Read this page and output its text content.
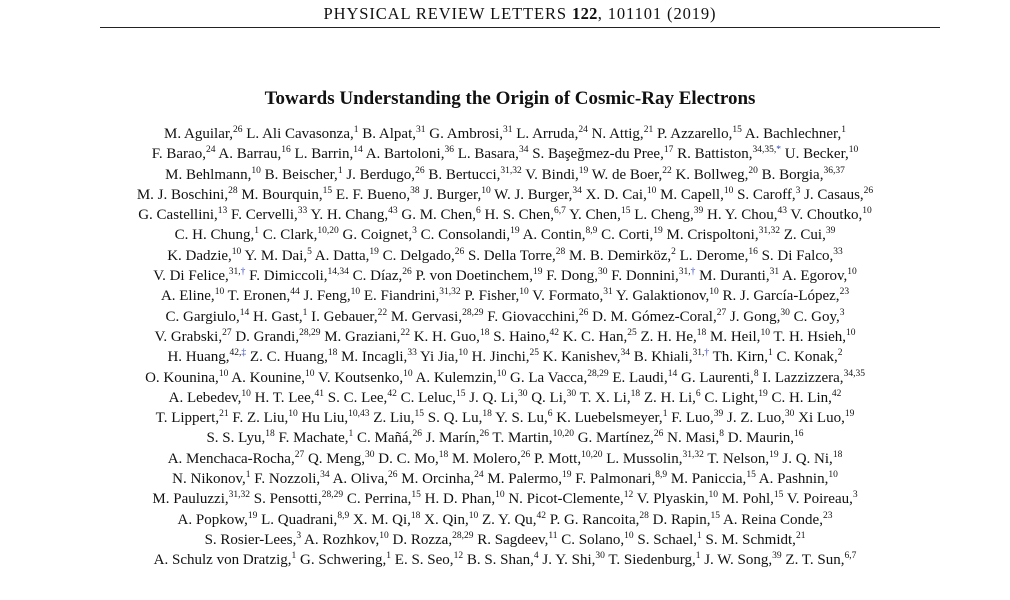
PHYSICAL REVIEW LETTERS 122, 101101 (2019)
Towards Understanding the Origin of Cosmic-Ray Electrons
M. Aguilar,$^{26}$ L. Ali Cavasonza,$^1$ B. Alpat,$^{31}$ G. Ambrosi,$^{31}$ L. Arruda,$^{24}$ N. Attig,$^{21}$ P. Azzarello,$^{15}$ A. Bachlechner,$^1$
F. Barao,$^{24}$ A. Barrau,$^{16}$ L. Barrin,$^{14}$ A. Bartoloni,$^{36}$ L. Basara,$^{34}$ S. Başeğmez-du Pree,$^{17}$ R. Battiston,$^{34,35,*}$ U. Becker,$^{10}$
M. Behlmann,$^{10}$ B. Beischer,$^1$ J. Berdugo,$^{26}$ B. Bertucci,$^{31,32}$ V. Bindi,$^{19}$ W. de Boer,$^{22}$ K. Bollweg,$^{20}$ B. Borgia,$^{36,37}$
M. J. Boschini,$^{28}$ M. Bourquin,$^{15}$ E. F. Bueno,$^{38}$ J. Burger,$^{10}$ W. J. Burger,$^{34}$ X. D. Cai,$^{10}$ M. Capell,$^{10}$ S. Caroff,$^3$ J. Casaus,$^{26}$
G. Castellini,$^{13}$ F. Cervelli,$^{33}$ Y. H. Chang,$^{43}$ G. M. Chen,$^6$ H. S. Chen,$^{6,7}$ Y. Chen,$^{15}$ L. Cheng,$^{39}$ H. Y. Chou,$^{43}$ V. Choutko,$^{10}$
C. H. Chung,$^1$ C. Clark,$^{10,20}$ G. Coignet,$^3$ C. Consolandi,$^{19}$ A. Contin,$^{8,9}$ C. Corti,$^{19}$ M. Crispoltoni,$^{31,32}$ Z. Cui,$^{39}$
K. Dadzie,$^{10}$ Y. M. Dai,$^5$ A. Datta,$^{19}$ C. Delgado,$^{26}$ S. Della Torre,$^{28}$ M. B. Demirköz,$^2$ L. Derome,$^{16}$ S. Di Falco,$^{33}$
V. Di Felice,$^{31,\dagger}$ F. Dimiccoli,$^{14,34}$ C. Díaz,$^{26}$ P. von Doetinchem,$^{19}$ F. Dong,$^{30}$ F. Donnini,$^{31,\dagger}$ M. Duranti,$^{31}$ A. Egorov,$^{10}$
A. Eline,$^{10}$ T. Eronen,$^{44}$ J. Feng,$^{10}$ E. Fiandrini,$^{31,32}$ P. Fisher,$^{10}$ V. Formato,$^{31}$ Y. Galaktionov,$^{10}$ R. J. García-López,$^{23}$
C. Gargiulo,$^{14}$ H. Gast,$^1$ I. Gebauer,$^{22}$ M. Gervasi,$^{28,29}$ F. Giovacchini,$^{26}$ D. M. Gómez-Coral,$^{27}$ J. Gong,$^{30}$ C. Goy,$^3$
V. Grabski,$^{27}$ D. Grandi,$^{28,29}$ M. Graziani,$^{22}$ K. H. Guo,$^{18}$ S. Haino,$^{42}$ K. C. Han,$^{25}$ Z. H. He,$^{18}$ M. Heil,$^{10}$ T. H. Hsieh,$^{10}$
H. Huang,$^{42,\ddagger}$ Z. C. Huang,$^{18}$ M. Incagli,$^{33}$ Yi Jia,$^{10}$ H. Jinchi,$^{25}$ K. Kanishev,$^{34}$ B. Khiali,$^{31,\dagger}$ Th. Kirn,$^1$ C. Konak,$^2$
O. Kounina,$^{10}$ A. Kounine,$^{10}$ V. Koutsenko,$^{10}$ A. Kulemzin,$^{10}$ G. La Vacca,$^{28,29}$ E. Laudi,$^{14}$ G. Laurenti,$^8$ I. Lazzizzera,$^{34,35}$
A. Lebedev,$^{10}$ H. T. Lee,$^{41}$ S. C. Lee,$^{42}$ C. Leluc,$^{15}$ J. Q. Li,$^{30}$ Q. Li,$^{30}$ T. X. Li,$^{18}$ Z. H. Li,$^6$ C. Light,$^{19}$ C. H. Lin,$^{42}$
T. Lippert,$^{21}$ F. Z. Liu,$^{10}$ Hu Liu,$^{10,43}$ Z. Liu,$^{15}$ S. Q. Lu,$^{18}$ Y. S. Lu,$^6$ K. Luebelsmeyer,$^1$ F. Luo,$^{39}$ J. Z. Luo,$^{30}$ Xi Luo,$^{19}$
S. S. Lyu,$^{18}$ F. Machate,$^1$ C. Mañá,$^{26}$ J. Marín,$^{26}$ T. Martin,$^{10,20}$ G. Martínez,$^{26}$ N. Masi,$^8$ D. Maurin,$^{16}$
A. Menchaca-Rocha,$^{27}$ Q. Meng,$^{30}$ D. C. Mo,$^{18}$ M. Molero,$^{26}$ P. Mott,$^{10,20}$ L. Mussolin,$^{31,32}$ T. Nelson,$^{19}$ J. Q. Ni,$^{18}$
N. Nikonov,$^1$ F. Nozzoli,$^{34}$ A. Oliva,$^{26}$ M. Orcinha,$^{24}$ M. Palermo,$^{19}$ F. Palmonari,$^{8,9}$ M. Paniccia,$^{15}$ A. Pashnin,$^{10}$
M. Pauluzzi,$^{31,32}$ S. Pensotti,$^{28,29}$ C. Perrina,$^{15}$ H. D. Phan,$^{10}$ N. Picot-Clemente,$^{12}$ V. Plyaskin,$^{10}$ M. Pohl,$^{15}$ V. Poireau,$^3$
A. Popkow,$^{19}$ L. Quadrani,$^{8,9}$ X. M. Qi,$^{18}$ X. Qin,$^{10}$ Z. Y. Qu,$^{42}$ P. G. Rancoita,$^{28}$ D. Rapin,$^{15}$ A. Reina Conde,$^{23}$
S. Rosier-Lees,$^3$ A. Rozhkov,$^{10}$ D. Rozza,$^{28,29}$ R. Sagdeev,$^{11}$ C. Solano,$^{10}$ S. Schael,$^1$ S. M. Schmidt,$^{21}$
A. Schulz von Dratzig,$^1$ G. Schwering,$^1$ E. S. Seo,$^{12}$ B. S. Shan,$^4$ J. Y. Shi,$^{30}$ T. Siedenburg,$^1$ J. W. Song,$^{39}$ Z. T. Sun,$^{6,7}$
